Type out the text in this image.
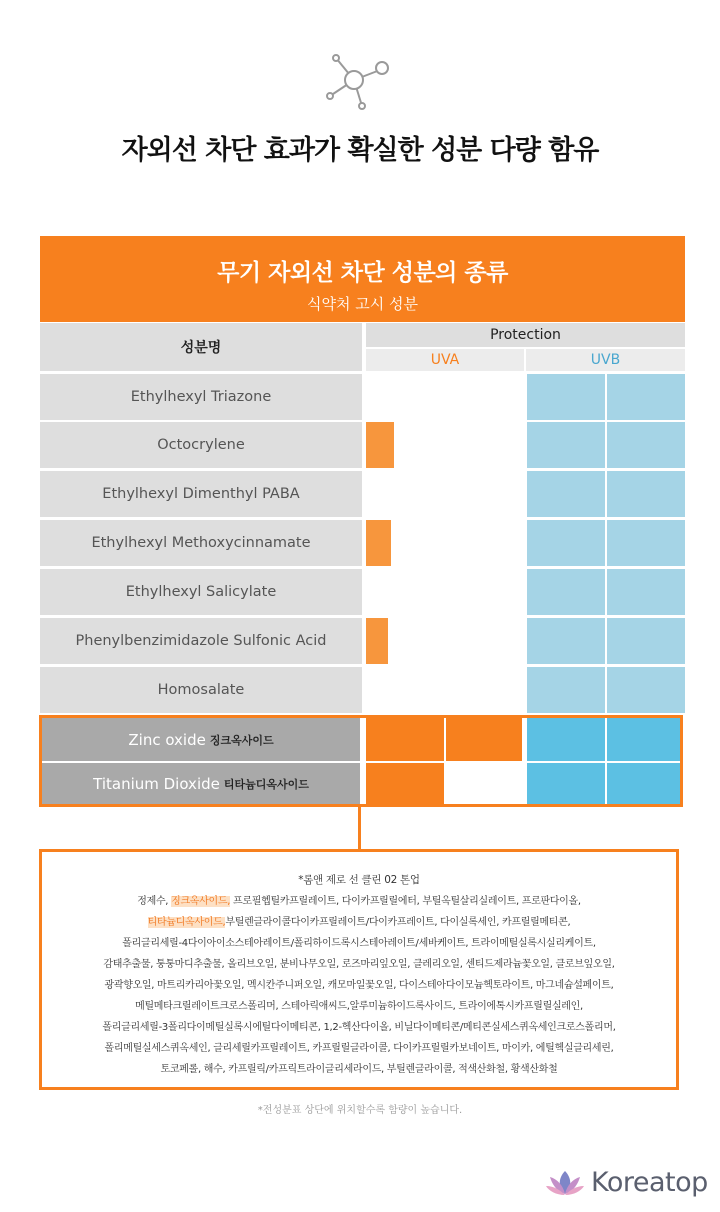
자외선 차단 효과가 확실한 성분 다량 함유
무기 자외선 차단 성분의 종류
식약처 고시 성분
성분명
Protection
UVA	UVB
Ethylhexyl Triazone
Octocrylene
Ethylhexyl Dimenthyl PABA
Ethylhexyl Methoxycinnamate
Ethylhexyl Salicylate
Phenylbenzimidazole Sulfonic Acid
Homosalate
Zinc oxide 징크옥사이드
Titanium Dioxide 티타늄디옥사이드
*롬앤 제로 선 클린 02 톤업
정제수, 징크옥사이드, 프로필헵틸카프릴레이트, 다이카프릴릴에터, 부틸옥틸살리실레이트, 프로판다이올,
티타늄디옥사이드,부틸렌글라이콜다이카프릴레이트/다이카프레이트, 다이실록세인, 카프릴릴메티콘,
폴리글리세릴-4다이아이소스테아레이트/폴리하이드록시스테아레이트/세바케이트, 트라이메틸실록시실리케이트,
감태추출물, 퉁퉁마디추출물, 올리브오일, 분비나무오일, 로즈마리잎오일, 클레리오일, 센티드제라늄꽃오일, 클로브잎오일,
광곽향오일, 마트리카리아꽃오일, 멕시칸주니퍼오일, 캐모마일꽃오일, 다이스테아다이모늄헥토라이트, 마그네슘설페이트,
메틸메타크릴레이트크로스폴리머, 스테아릭애씨드,알루미늄하이드록사이드, 트라이에톡시카프릴릴실레인,
폴리글리세릴-3폴리다이메틸실록시에틸다이메티콘, 1,2-헥산다이올, 비닐다이메티콘/메티콘실세스퀴옥세인크로스폴리머,
폴리메틸실세스퀴옥세인, 글리세릴카프릴레이트, 카프릴릴글라이콜, 다이카프릴릴카보네이트, 마이카, 에틸헥실글리세린,
토코페롤, 해수, 카프릴릭/카프릭트라이글리세라이드, 부틸렌글라이콜, 적색산화철, 황색산화철
*전성분표 상단에 위치할수록 함량이 높습니다.
Koreatop
